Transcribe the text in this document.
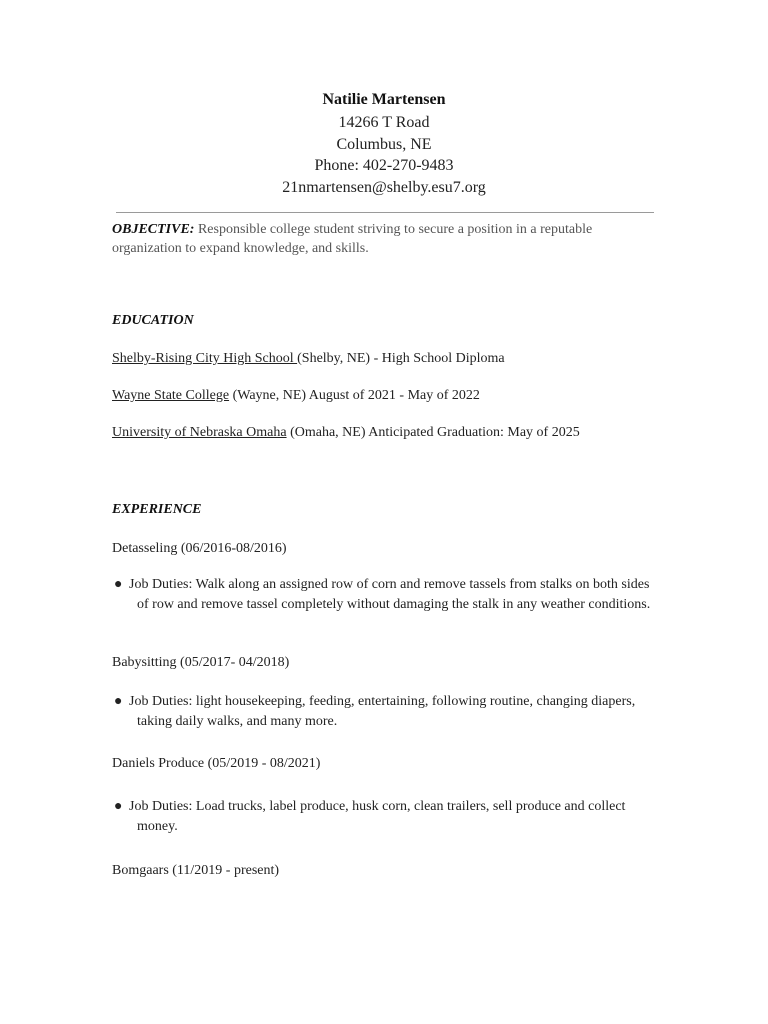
Natilie Martensen
14266 T Road
Columbus, NE
Phone: 402-270-9483
21nmartensen@shelby.esu7.org
OBJECTIVE: Responsible college student striving to secure a position in a reputable organization to expand knowledge, and skills.
EDUCATION
Shelby-Rising City High School (Shelby, NE) - High School Diploma
Wayne State College (Wayne, NE) August of 2021 - May of 2022
University of Nebraska Omaha (Omaha, NE) Anticipated Graduation: May of 2025
EXPERIENCE
Detasseling (06/2016-08/2016)
● Job Duties: Walk along an assigned row of corn and remove tassels from stalks on both sides of row and remove tassel completely without damaging the stalk in any weather conditions.
Babysitting (05/2017- 04/2018)
● Job Duties: light housekeeping, feeding, entertaining, following routine, changing diapers, taking daily walks, and many more.
Daniels Produce (05/2019 - 08/2021)
● Job Duties: Load trucks, label produce, husk corn, clean trailers, sell produce and collect money.
Bomgaars (11/2019 - present)
